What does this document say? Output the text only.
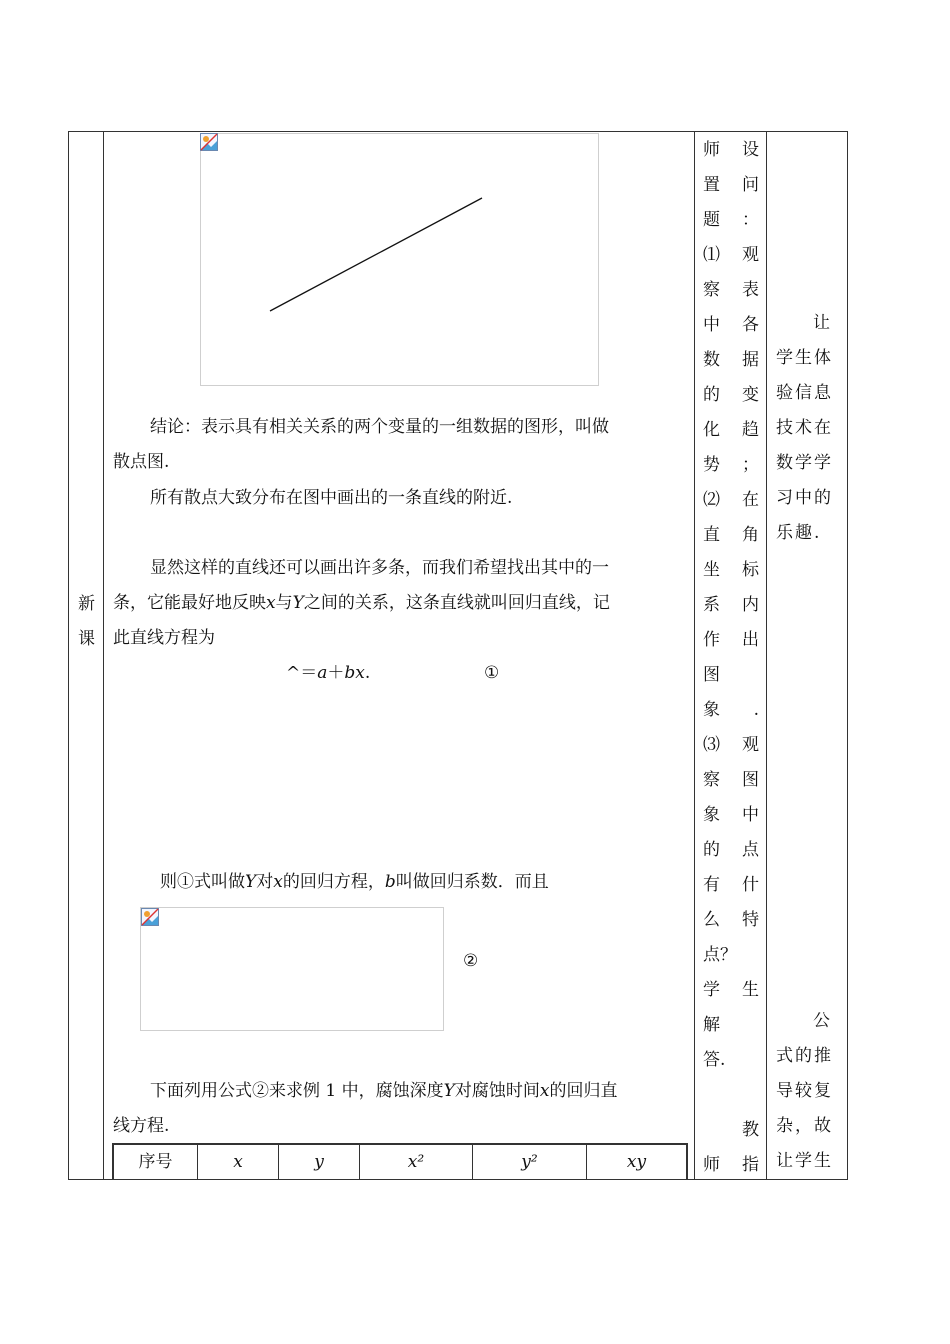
新
课
结论：表示具有相关关系的两个变量的一组数据的图形，叫做
散点图.
所有散点大致分布在图中画出的一条直线的附近.
显然这样的直线还可以画出许多条，而我们希望找出其中的一
条，它能最好地反映x与Y之间的关系，这条直线就叫回归直线，记
此直线方程为
^＝a＋bx.	①
则①式叫做Y对x的回归方程，b叫做回归系数．而且
②
下面列用公式②来求例 1 中，腐蚀深度Y对腐蚀时间x的回归直
线方程.
序号	x	y	x²	y²	xy
师 设
置 问
题 ：
⑴ 观
察 表
中 各
数 据
的 变
化 趋
势 ；
⑵ 在
直 角
坐 标
系 内
作 出
图
象 .
⑶ 观
察 图
象 中
的 点
有 什
么 特
点？
学 生
解
答.
教
师 指
让
学生体
验信息
技术在
数学学
习中的
乐趣.
公
式的推
导较复
杂，故
让学生
